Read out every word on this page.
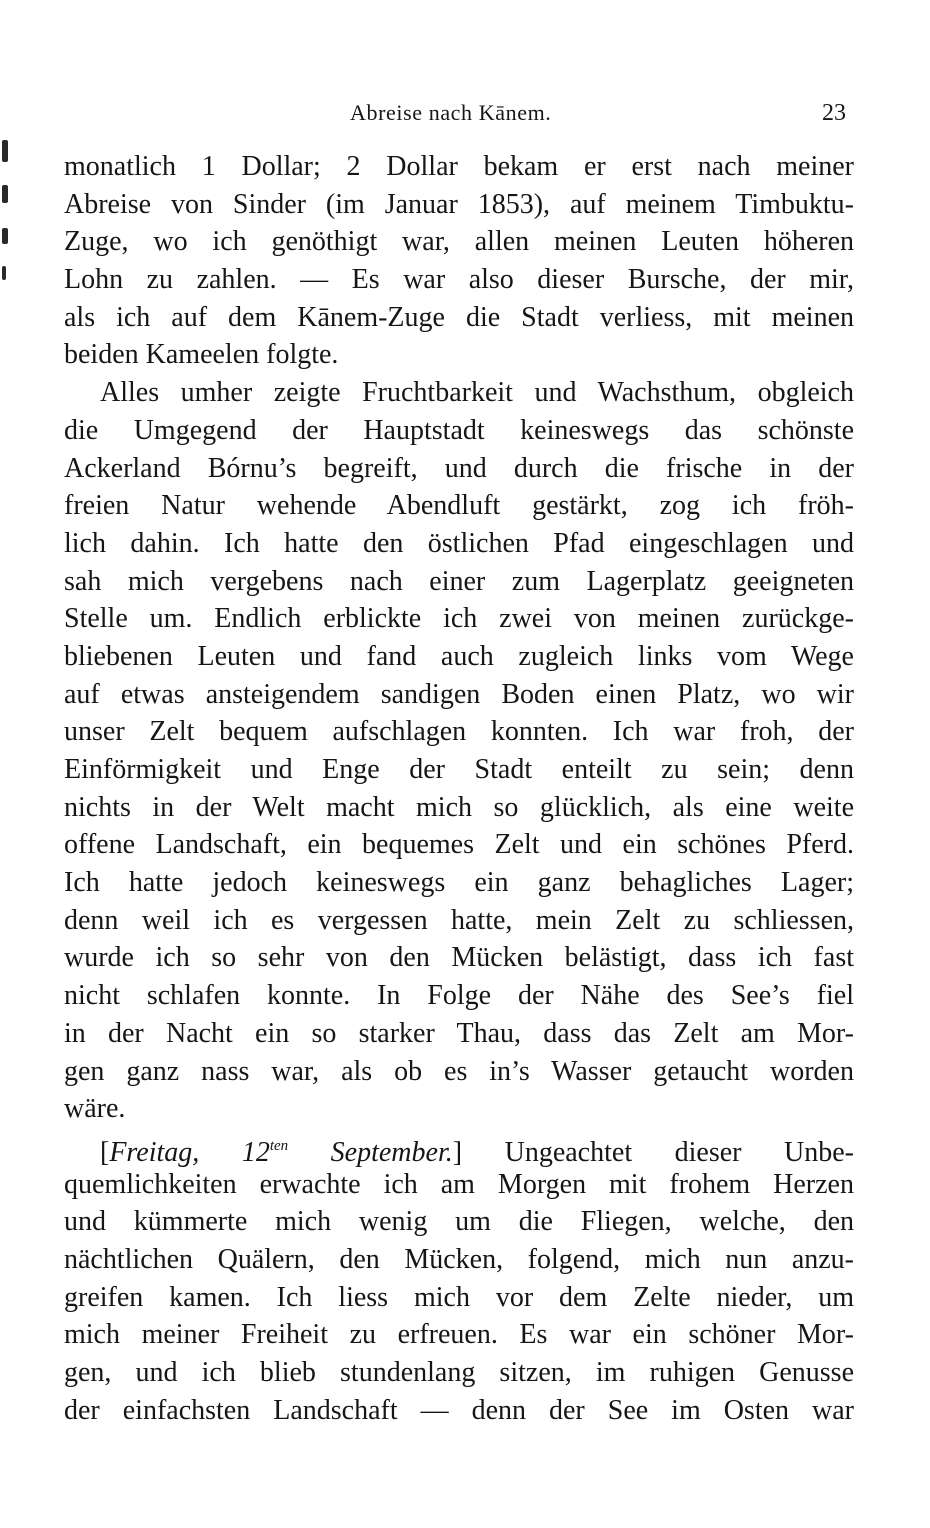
Abreise nach Kānem.	23
monatlich 1 Dollar; 2 Dollar bekam er erst nach meiner
Abreise von Sinder (im Januar 1853), auf meinem Timbuktu-
Zuge, wo ich genöthigt war, allen meinen Leuten höheren
Lohn zu zahlen. — Es war also dieser Bursche, der mir,
als ich auf dem Kānem-Zuge die Stadt verliess, mit meinen
beiden Kameelen folgte.
Alles umher zeigte Fruchtbarkeit und Wachsthum, obgleich
die Umgegend der Hauptstadt keineswegs das schönste
Ackerland Bórnu’s begreift, und durch die frische in der
freien Natur wehende Abendluft gestärkt, zog ich fröh-
lich dahin. Ich hatte den östlichen Pfad eingeschlagen und
sah mich vergebens nach einer zum Lagerplatz geeigneten
Stelle um. Endlich erblickte ich zwei von meinen zurückge-
bliebenen Leuten und fand auch zugleich links vom Wege
auf etwas ansteigendem sandigen Boden einen Platz, wo wir
unser Zelt bequem aufschlagen konnten. Ich war froh, der
Einförmigkeit und Enge der Stadt enteilt zu sein; denn
nichts in der Welt macht mich so glücklich, als eine weite
offene Landschaft, ein bequemes Zelt und ein schönes Pferd.
Ich hatte jedoch keineswegs ein ganz behagliches Lager;
denn weil ich es vergessen hatte, mein Zelt zu schliessen,
wurde ich so sehr von den Mücken belästigt, dass ich fast
nicht schlafen konnte. In Folge der Nähe des See’s fiel
in der Nacht ein so starker Thau, dass das Zelt am Mor-
gen ganz nass war, als ob es in’s Wasser getaucht worden
wäre.
[Freitag, $12^{ten}$ September.] Ungeachtet dieser Unbe-
quemlichkeiten erwachte ich am Morgen mit frohem Herzen
und kümmerte mich wenig um die Fliegen, welche, den
nächtlichen Quälern, den Mücken, folgend, mich nun anzu-
greifen kamen. Ich liess mich vor dem Zelte nieder, um
mich meiner Freiheit zu erfreuen. Es war ein schöner Mor-
gen, und ich blieb stundenlang sitzen, im ruhigen Genusse
der einfachsten Landschaft — denn der See im Osten war
